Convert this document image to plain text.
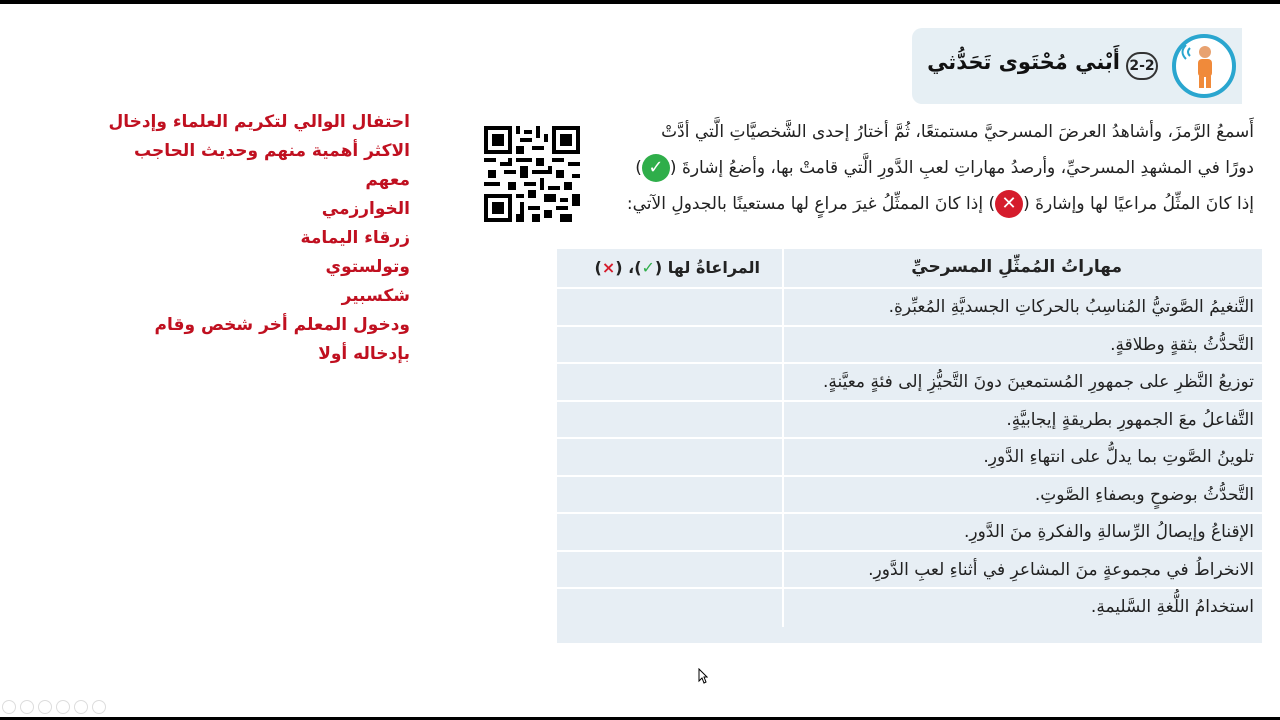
2-2
أَبْني مُحْتَوى تَحَدُّثي
أَسمعُ الرَّمزَ، وأشاهدُ العرضَ المسرحيَّ مستمتعًا، ثُمَّ أختارُ إحدى الشَّخصيَّاتِ الَّتي أدَّتْ
دورًا في المشهدِ المسرحيِّ، وأرصدُ مهاراتِ لعبِ الدَّورِ الَّتي قامتْ بها، وأضعُ إشارةَ (✓)
إذا كانَ المثِّلُ مراعيًا لها وإشارةَ (✕) إذا كانَ الممثِّلُ غيرَ مراعٍ لها مستعينًا بالجدولِ الآتي:
مهاراتُ المُمثِّلِ المسرحيِّ
المراعاةُ لها (✓)، (×)
التَّنغيمُ الصَّوتيُّ المُناسِبُ بالحركاتِ الجسديَّةِ المُعبِّرةِ.
التَّحدُّثُ بثقةٍ وطلاقةٍ.
توزيعُ النَّظرِ على جمهورِ المُستمعينَ دونَ التَّحيُّزِ إلى فئةٍ معيَّنةٍ.
التَّفاعلُ معَ الجمهورِ بطريقةٍ إيجابيَّةٍ.
تلوينُ الصَّوتِ بما يدلُّ على انتهاءِ الدَّورِ.
التَّحدُّثُ بوضوحٍ وبصفاءِ الصَّوتِ.
الإقناعُ وإيصالُ الرِّسالةِ والفكرةِ منَ الدَّورِ.
الانخراطُ في مجموعةٍ منَ المشاعرِ في أثناءِ لعبِ الدَّورِ.
استخدامُ اللُّغةِ السَّليمةِ.
احتفال الوالي لتكريم العلماء وإدخال
الاكثر أهمية منهم وحديث الحاجب
معهم
الخوارزمي
زرقاء اليمامة
وتولستوي
شكسبير
ودخول المعلم أخر شخص وقام
بإدخاله أولا
